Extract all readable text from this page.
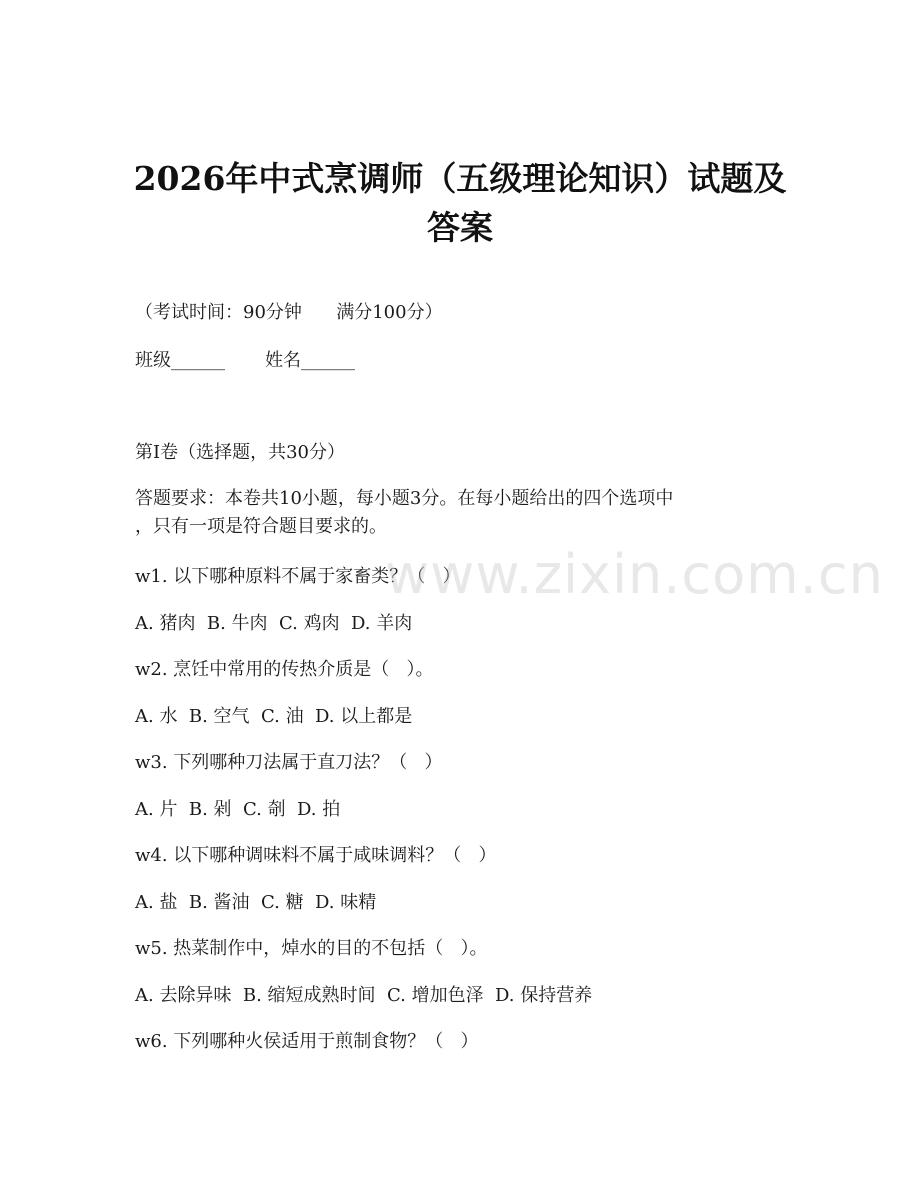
2026年中式烹调师（五级理论知识）试题及
答案
（考试时间：90分钟      满分100分）
班级______       姓名______
第I卷（选择题，共30分）
答题要求：本卷共10小题，每小题3分。在每小题给出的四个选项中
，只有一项是符合题目要求的。
w1. 以下哪种原料不属于家畜类？（   ）
A. 猪肉  B. 牛肉  C. 鸡肉  D. 羊肉
w2. 烹饪中常用的传热介质是（   ）。
A. 水  B. 空气  C. 油  D. 以上都是
w3. 下列哪种刀法属于直刀法？（   ）
A. 片  B. 剁  C. 剞  D. 拍
w4. 以下哪种调味料不属于咸味调料？（   ）
A. 盐  B. 酱油  C. 糖  D. 味精
w5. 热菜制作中，焯水的目的不包括（   ）。
A. 去除异味  B. 缩短成熟时间  C. 增加色泽  D. 保持营养
w6. 下列哪种火侯适用于煎制食物？（   ）
www.zixin.com.cn
